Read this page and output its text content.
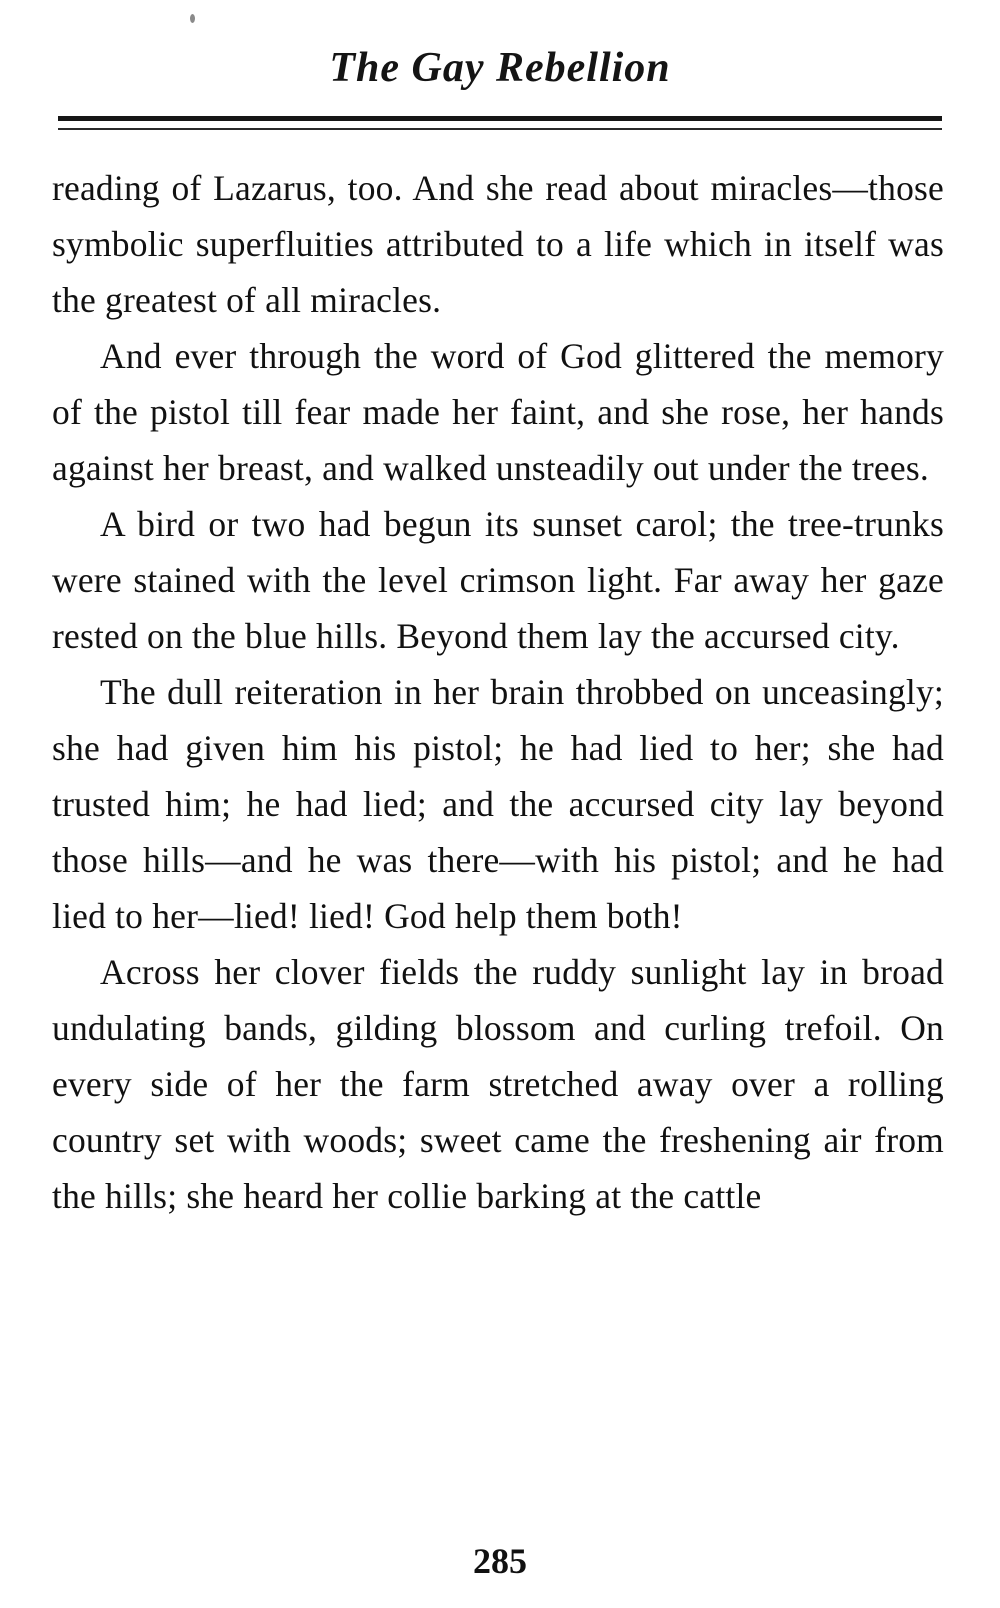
The Gay Rebellion

reading of Lazarus, too. And she read about miracles—those symbolic superfluities attributed to a life which in itself was the greatest of all miracles.

And ever through the word of God glittered the memory of the pistol till fear made her faint, and she rose, her hands against her breast, and walked unsteadily out under the trees.

A bird or two had begun its sunset carol; the tree-trunks were stained with the level crimson light. Far away her gaze rested on the blue hills. Beyond them lay the accursed city.

The dull reiteration in her brain throbbed on unceasingly; she had given him his pistol; he had lied to her; she had trusted him; he had lied; and the accursed city lay beyond those hills—and he was there—with his pistol; and he had lied to her—lied! lied! God help them both!

Across her clover fields the ruddy sunlight lay in broad undulating bands, gilding blossom and curling trefoil. On every side of her the farm stretched away over a rolling country set with woods; sweet came the freshening air from the hills; she heard her collie barking at the cattle

285
